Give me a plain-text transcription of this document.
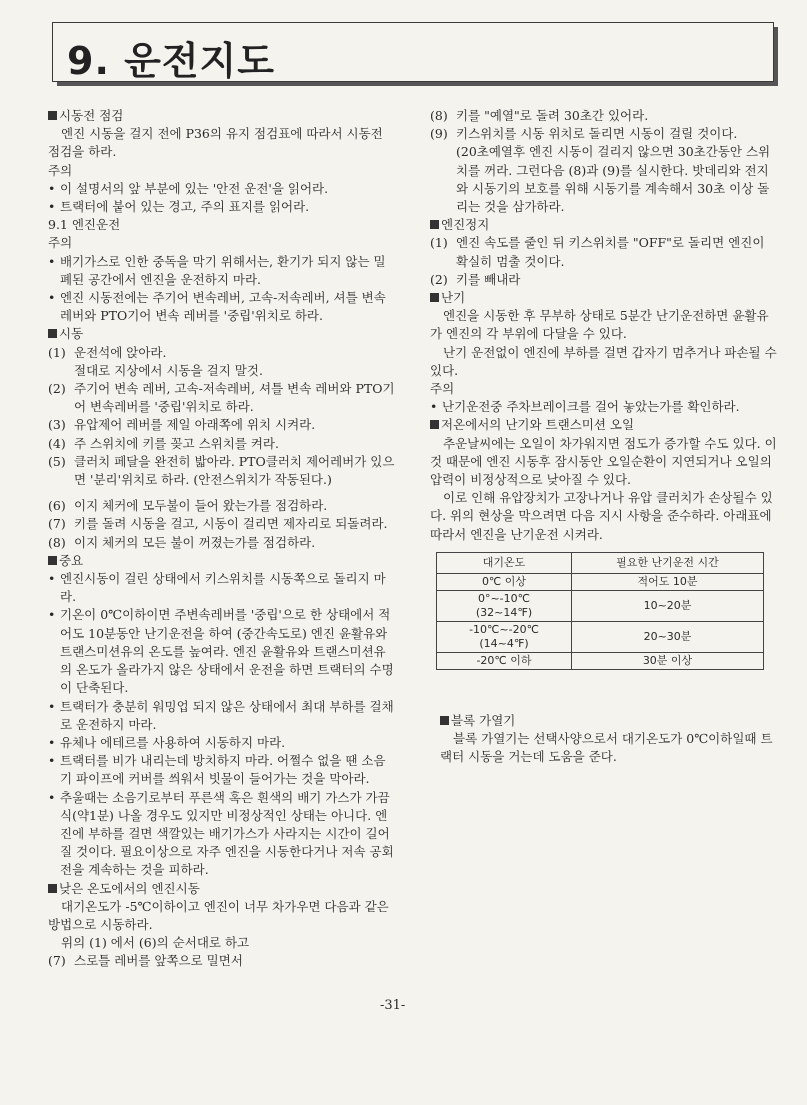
9. 운전지도

시동전 점검

엔진 시동을 걸지 전에 P36의 유지 점검표에 따라서 시동전 점검을 하라.

주의

• 이 설명서의 앞 부분에 있는 '안전 운전'을 읽어라.

• 트랙터에 붙어 있는 경고, 주의 표지를 읽어라.

9.1 엔진운전

주의

• 배기가스로 인한 중독을 막기 위해서는, 환기가 되지 않는 밀폐된 공간에서 엔진을 운전하지 마라.

• 엔진 시동전에는 주기어 변속레버, 고속-저속레버, 셔틀 변속레버와 PTO기어 변속 레버를 '중립'위치로 하라.

시동

(1) 운전석에 앉아라.

절대로 지상에서 시동을 걸지 말것.

(2) 주기어 변속 레버, 고속-저속레버, 셔틀 변속 레버와 PTO기어 변속레버를 '중립'위치로 하라.

(3) 유압제어 레버를 제일 아래쪽에 위치 시켜라.

(4) 주 스위치에 키를 꽂고 스위치를 켜라.

(5) 클러치 페달을 완전히 밟아라. PTO클러치 제어레버가 있으면 '분리'위치로 하라. (안전스위치가 작동된다.)

(6) 이지 체커에 모두불이 들어 왔는가를 점검하라.

(7) 키를 돌려 시동을 걸고, 시동이 걸리면 제자리로 되돌려라.

(8) 이지 체커의 모든 불이 꺼졌는가를 점검하라.

중요

• 엔진시동이 걸린 상태에서 키스위치를 시동쪽으로 돌리지 마라.

• 기온이 0℃이하이면 주변속레버를 '중립'으로 한 상태에서 적어도 10분동안 난기운전을 하여 (중간속도로) 엔진 윤활유와 트랜스미션유의 온도를 높여라. 엔진 윤활유와 트랜스미션유의 온도가 올라가지 않은 상태에서 운전을 하면 트랙터의 수명이 단축된다.

• 트랙터가 충분히 워밍업 되지 않은 상태에서 최대 부하를 걸채로 운전하지 마라.

• 유체나 에테르를 사용하여 시동하지 마라.

• 트랙터를 비가 내리는데 방치하지 마라. 어쩔수 없을 땐 소음기 파이프에 커버를 씌워서 빗물이 들어가는 것을 막아라.

• 추울때는 소음기로부터 푸른색 혹은 흰색의 배기 가스가 가끔식(약1분) 나올 경우도 있지만 비정상적인 상태는 아니다. 엔진에 부하를 걸면 색깔있는 배기가스가 사라지는 시간이 길어 질 것이다. 필요이상으로 자주 엔진을 시동한다거나 저속 공회전을 계속하는 것을 피하라.

낮은 온도에서의 엔진시동

대기온도가 -5℃이하이고 엔진이 너무 차가우면 다음과 같은 방법으로 시동하라.

위의 (1) 에서 (6)의 순서대로 하고

(7) 스로틀 레버를 앞쪽으로 밀면서

(8) 키를 "예열"로 돌려 30초간 있어라.

(9) 키스위치를 시동 위치로 돌리면 시동이 걸릴 것이다.

(20초예열후 엔진 시동이 걸리지 않으면 30초간동안 스위치를 꺼라. 그런다음 (8)과 (9)를 실시한다. 밧데리와 전지와 시동기의 보호를 위해 시동기를 계속해서 30초 이상 돌리는 것을 삼가하라.

엔진정지

(1) 엔진 속도를 줄인 뒤 키스위치를 "OFF"로 돌리면 엔진이 확실히 멈출 것이다.

(2) 키를 빼내라

난기

엔진을 시동한 후 무부하 상태로 5분간 난기운전하면 윤활유가 엔진의 각 부위에 다달을 수 있다.

난기 운전없이 엔진에 부하를 걸면 갑자기 멈추거나 파손될 수 있다.

주의

• 난기운전중 주차브레이크를 걸어 놓았는가를 확인하라.

저온에서의 난기와 트랜스미션 오일

추운날씨에는 오일이 차가워지면 점도가 증가할 수도 있다. 이것 때문에 엔진 시동후 잠시동안 오일순환이 지연되거나 오일의 압력이 비정상적으로 낮아질 수 있다.

이로 인해 유압장치가 고장나거나 유압 클러치가 손상될수 있다. 위의 현상을 막으려면 다음 지시 사항을 준수하라. 아래표에 따라서 엔진을 난기운전 시켜라.

대기온도	필요한 난기운전 시간
0℃ 이상	적어도 10분

0°~-10℃
(32~14℉)	10~20분

-10℃~-20℃
(14~4℉)	20~30분
-20℃ 이하	30분 이상

블록 가열기

블록 가열기는 선택사양으로서 대기온도가 0℃이하일때 트랙터 시동을 거는데 도움을 준다.

-31-
